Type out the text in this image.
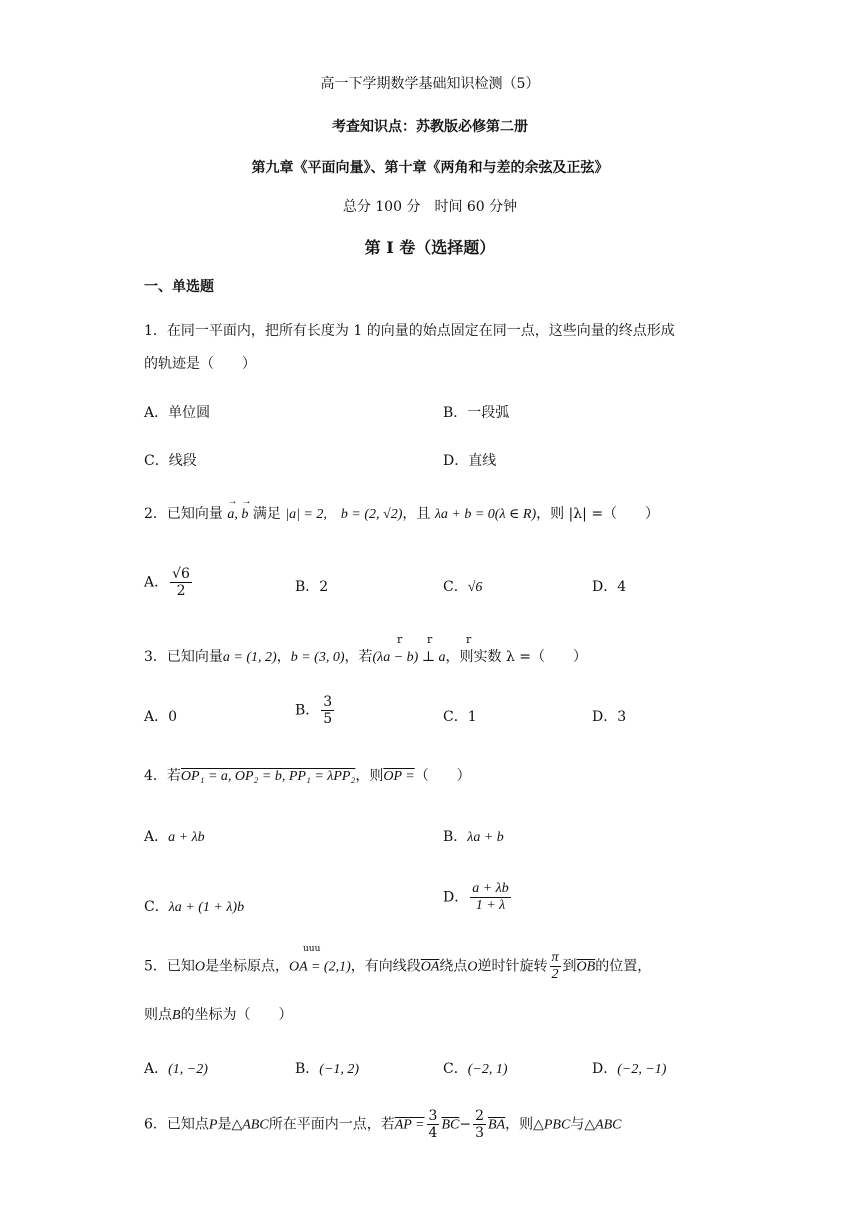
高一下学期数学基础知识检测（5）
考查知识点：苏教版必修第二册
第九章《平面向量》、第十章《两角和与差的余弦及正弦》
总分 100 分　时间 60 分钟
第 I 卷（选择题）
一、单选题
1．在同一平面内，把所有长度为 1 的向量的始点固定在同一点，这些向量的终点形成
的轨迹是（　　）
A．单位圆	B．一段弧
C．线段	D．直线
2．已知向量 → a, → b 满足 |a| = 2,　b = (2, √2)，且 λa + b = 0(λ ∈ R)，则 |λ| =（　　）
A． $\frac{√6}{2}$	B．2	C．√6	D．4
r r	r
3．已知向量a = (1, 2)，b = (3, 0)，若(λa − b) ⊥ a，则实数 λ =（　　）
A．0	B． $\frac{3}{5}$	C．1	D．3
4．若OP₁ = a, OP₂ = b, PP₁ = λPP₂，则OP =（　　）
A．a + λb	B．λa + b
C．λa + (1 + λ)b
D． $\frac{a + \lambda b}{1 + \lambda}$
uuu
5．已知O是坐标原点，OA = (2,1)，有向线段$\overline{OA}$绕点O逆时针旋转 $\frac{\pi}{2}$ 到$\overline{OB}$的位置，
则点B的坐标为（　　）
A．(1, −2)	B．(−1, 2)	C．(−2, 1)	D．(−2, −1)
6．已知点P是△ABC所在平面内一点，若AP = $\frac{3}{4} \overline{BC}- \frac{2}{3} \overline{BA}$，则△PBC与△ABC
